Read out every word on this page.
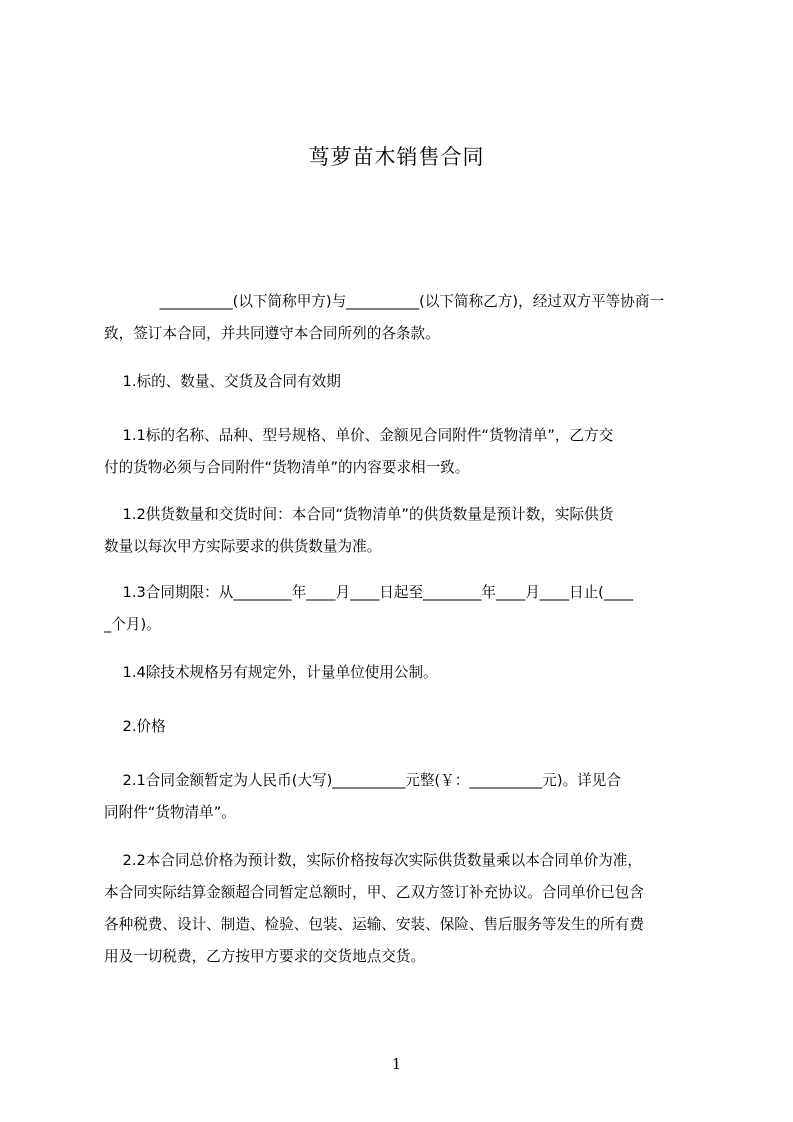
茑萝苗木销售合同

__________(以下简称甲方)与__________(以下简称乙方)，经过双方平等协商一
致，签订本合同，并共同遵守本合同所列的各条款。

1.标的、数量、交货及合同有效期

1.1标的名称、品种、型号规格、单价、金额见合同附件“货物清单”，乙方交
付的货物必须与合同附件“货物清单”的内容要求相一致。

1.2供货数量和交货时间：本合同“货物清单”的供货数量是预计数，实际供货
数量以每次甲方实际要求的供货数量为准。

1.3合同期限：从________年____月____日起至________年____月____日止(____
_个月)。

1.4除技术规格另有规定外，计量单位使用公制。

2.价格

2.1合同金额暂定为人民币(大写)__________元整(￥：__________元)。详见合
同附件“货物清单”。

2.2本合同总价格为预计数，实际价格按每次实际供货数量乘以本合同单价为准，
本合同实际结算金额超合同暂定总额时，甲、乙双方签订补充协议。合同单价已包含
各种税费、设计、制造、检验、包装、运输、安装、保险、售后服务等发生的所有费
用及一切税费，乙方按甲方要求的交货地点交货。

1
